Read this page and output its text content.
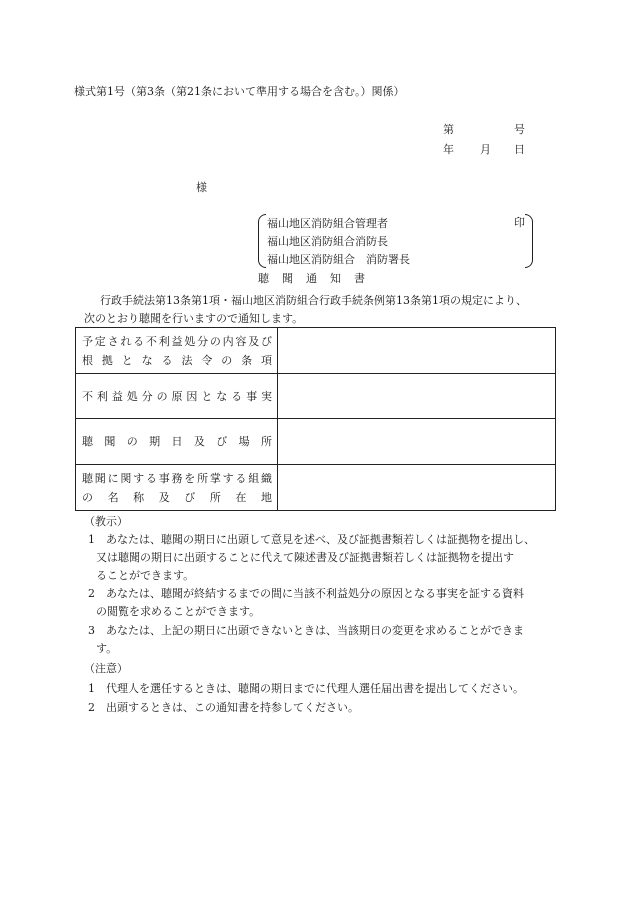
様式第1号（第3条（第21条において準用する場合を含む。）関係）
第	号
年 月 日
様
福山地区消防組合管理者
福山地区消防組合消防長
福山地区消防組合　消防署長
印
聴聞通知書
行政手続法第13条第1項・福山地区消防組合行政手続条例第13条第1項の規定により、
次のとおり聴聞を行いますので通知します。
予定される不利益処分の内容及び
根拠となる法令の条項	

不利益処分の原因となる事実	

聴聞の期日及び場所	

聴聞に関する事務を所掌する組織
の名称及び所在地	

（教示）
1　あなたは、聴聞の期日に出頭して意見を述べ、及び証拠書類若しくは証拠物を提出し、
又は聴聞の期日に出頭することに代えて陳述書及び証拠書類若しくは証拠物を提出す
ることができます。
2　あなたは、聴聞が終結するまでの間に当該不利益処分の原因となる事実を証する資料
の閲覧を求めることができます。
3　あなたは、上記の期日に出頭できないときは、当該期日の変更を求めることができま
す。
（注意）
1　代理人を選任するときは、聴聞の期日までに代理人選任届出書を提出してください。
2　出頭するときは、この通知書を持参してください。
